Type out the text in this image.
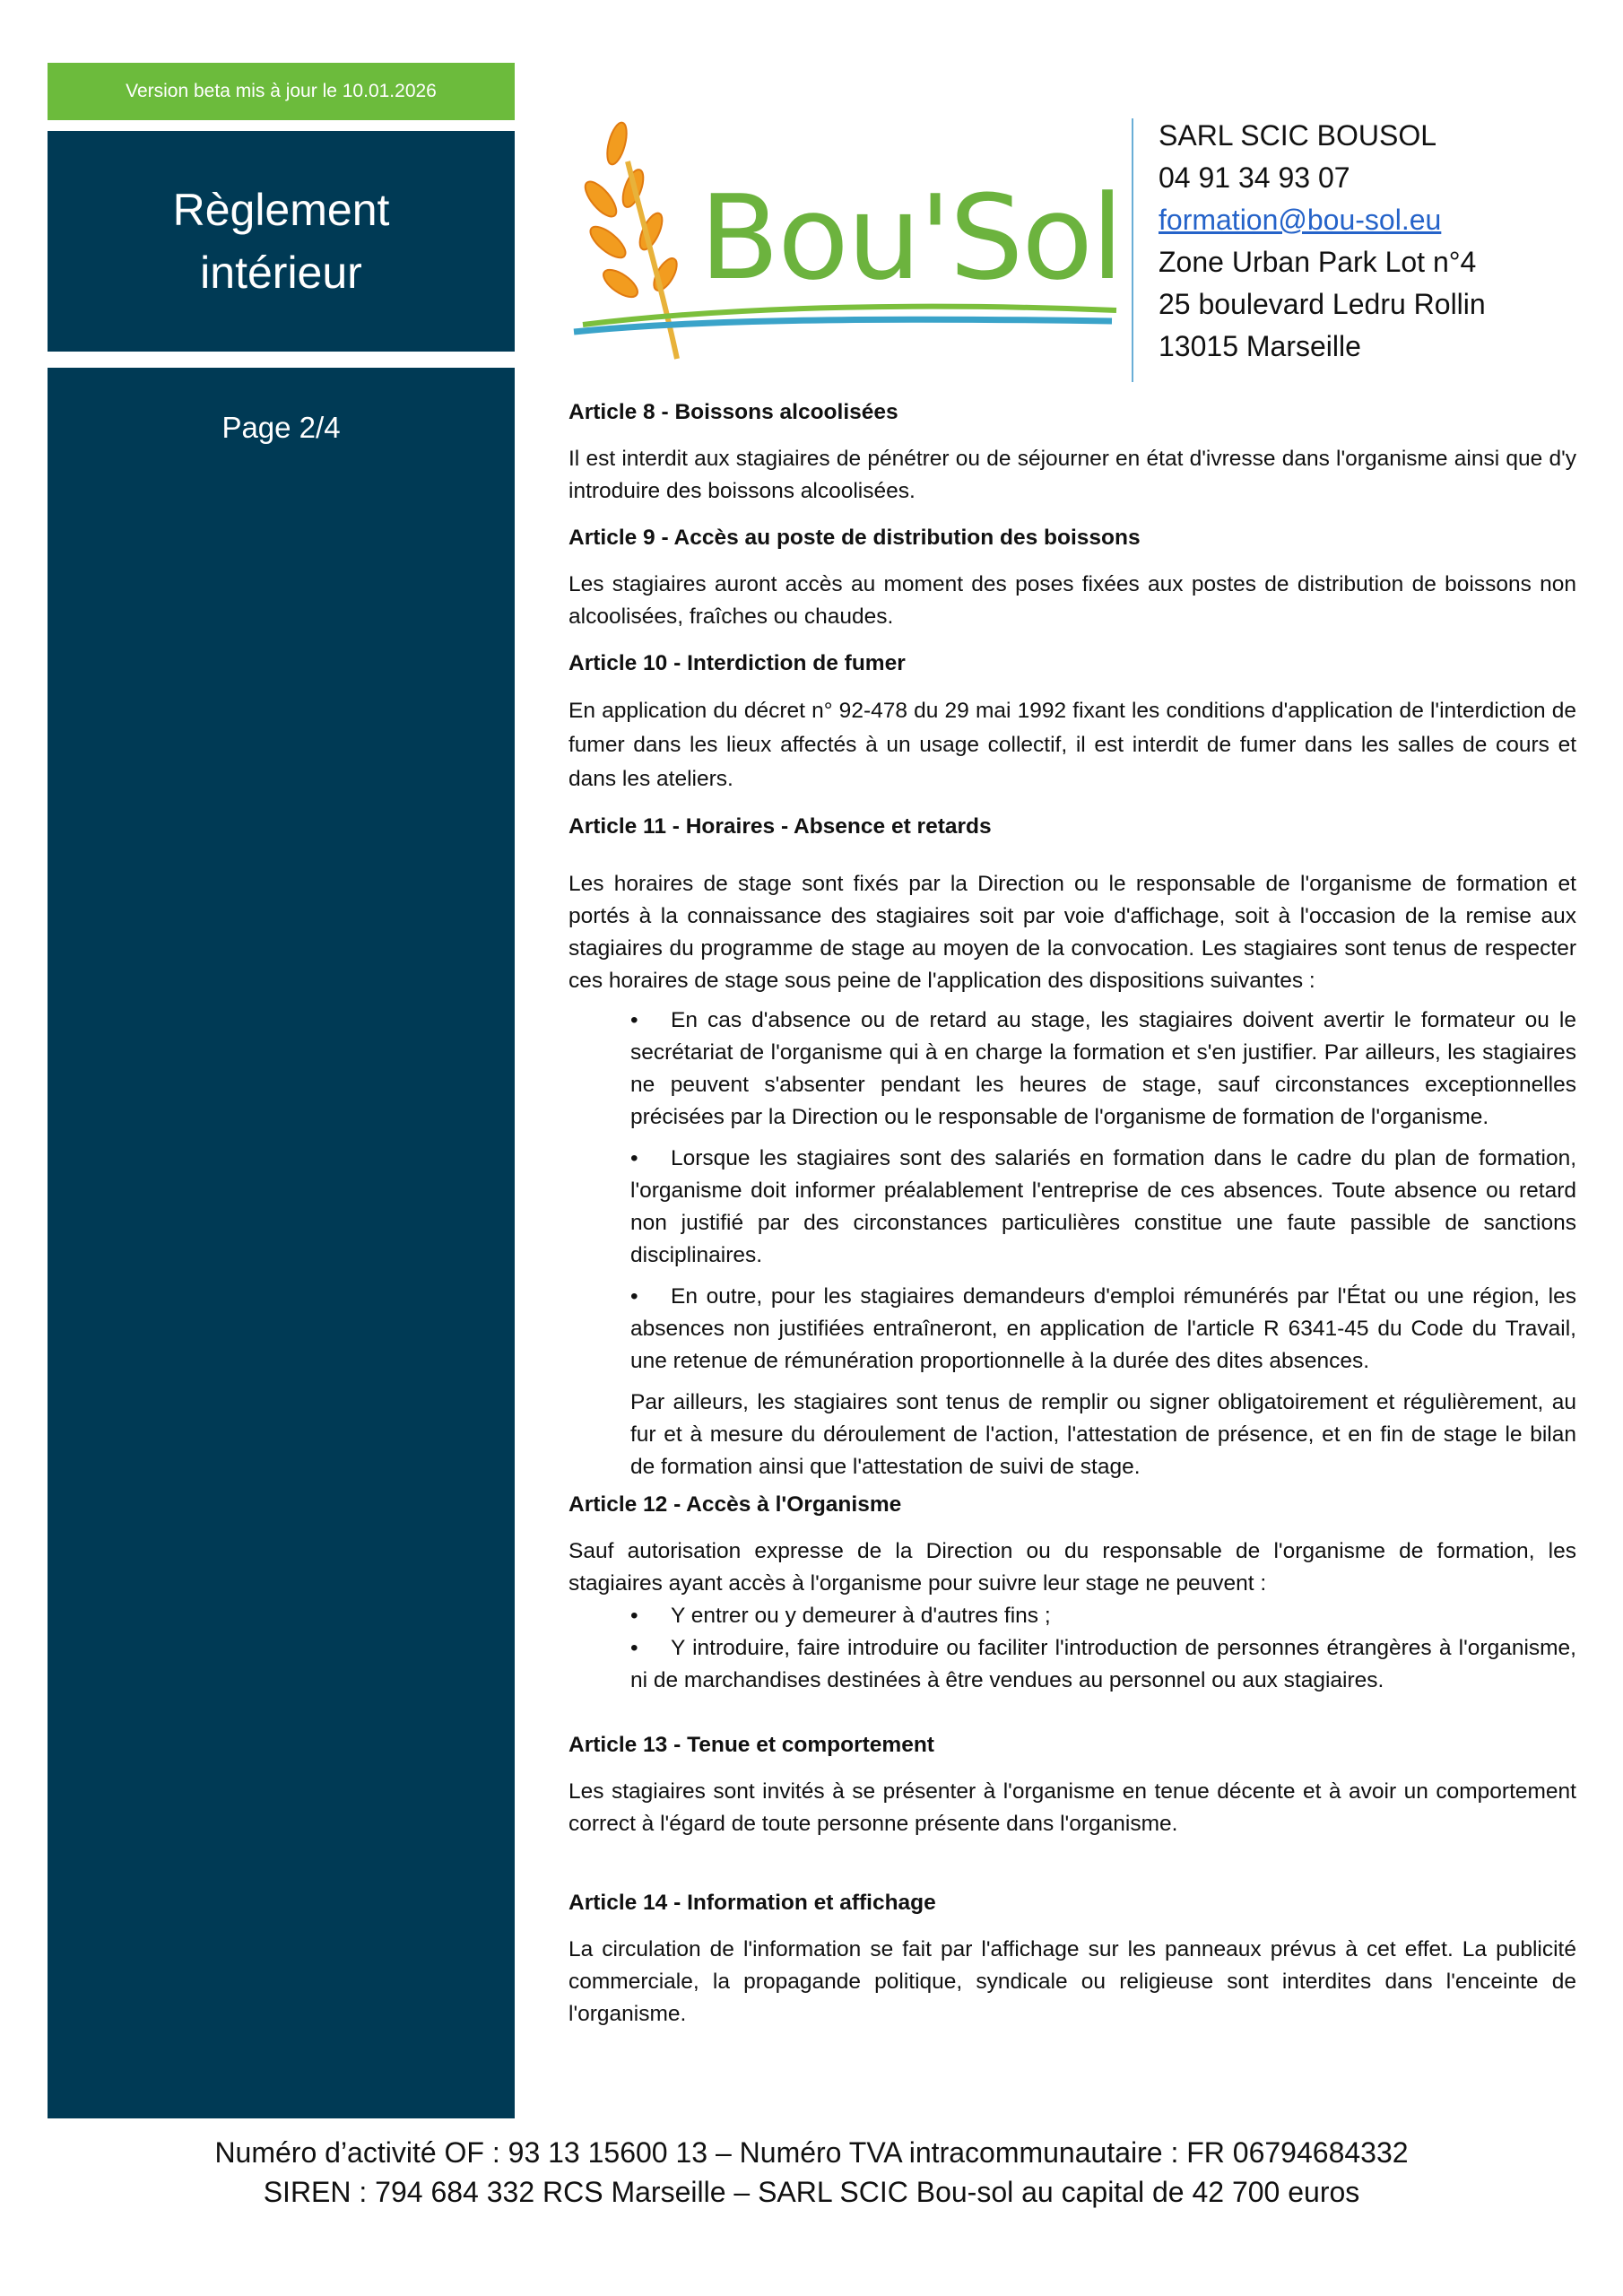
Version beta mis à jour le 10.01.2026
Règlement
intérieur
Page 2/4
Bou'Sol
SARL SCIC BOUSOL
04 91 34 93 07
formation@bou-sol.eu
Zone Urban Park Lot n°4
25 boulevard Ledru Rollin
13015 Marseille
Article 8 - Boissons alcoolisées

Il est interdit aux stagiaires de pénétrer ou de séjourner en état d'ivresse dans l'organisme ainsi que d'y introduire des boissons alcoolisées.

Article 9 - Accès au poste de distribution des boissons

Les stagiaires auront accès au moment des poses fixées aux postes de distribution de boissons non alcoolisées, fraîches ou chaudes.

Article 10 - Interdiction de fumer

En application du décret n° 92-478 du 29 mai 1992 fixant les conditions d'application de l'interdiction de fumer dans les lieux affectés à un usage collectif, il est interdit de fumer dans les salles de cours et dans les ateliers.

Article 11 - Horaires - Absence et retards

Les horaires de stage sont fixés par la Direction ou le responsable de l'organisme de formation et portés à la connaissance des stagiaires soit par voie d'affichage, soit à l'occasion de la remise aux stagiaires du programme de stage au moyen de la convocation. Les stagiaires sont tenus de respecter ces horaires de stage sous peine de l'application des dispositions suivantes :

En cas d'absence ou de retard au stage, les stagiaires doivent avertir le formateur ou le secrétariat de l'organisme qui à en charge la formation et s'en justifier. Par ailleurs, les stagiaires ne peuvent s'absenter pendant les heures de stage, sauf circonstances exceptionnelles précisées par la Direction ou le responsable de l'organisme de formation de l'organisme.
•
Lorsque les stagiaires sont des salariés en formation dans le cadre du plan de formation, l'organisme doit informer préalablement l'entreprise de ces absences. Toute absence ou retard non justifié par des circonstances particulières constitue une faute passible de sanctions disciplinaires.
•
En outre, pour les stagiaires demandeurs d'emploi rémunérés par l'État ou une région, les absences non justifiées entraîneront, en application de l'article R 6341-45 du Code du Travail, une retenue de rémunération proportionnelle à la durée des dites absences.
•

Par ailleurs, les stagiaires sont tenus de remplir ou signer obligatoirement et régulièrement, au fur et à mesure du déroulement de l'action, l'attestation de présence, et en fin de stage le bilan de formation ainsi que l'attestation de suivi de stage.

Article 12 - Accès à l'Organisme

Sauf autorisation expresse de la Direction ou du responsable de l'organisme de formation, les stagiaires ayant accès à l'organisme pour suivre leur stage ne peuvent :

Y entrer ou y demeurer à d'autres fins ;
•
Y introduire, faire introduire ou faciliter l'introduction de personnes étrangères à l'organisme, ni de marchandises destinées à être vendues au personnel ou aux stagiaires.
•
Article 13 - Tenue et comportement

Les stagiaires sont invités à se présenter à l'organisme en tenue décente et à avoir un comportement correct à l'égard de toute personne présente dans l'organisme.

Article 14 - Information et affichage

La circulation de l'information se fait par l'affichage sur les panneaux prévus à cet effet. La publicité commerciale, la propagande politique, syndicale ou religieuse sont interdites dans l'enceinte de l'organisme.

Numéro d’activité OF : 93 13 15600 13 – Numéro TVA intracommunautaire : FR 06794684332
SIREN : 794 684 332 RCS Marseille – SARL SCIC Bou-sol au capital de 42 700 euros
